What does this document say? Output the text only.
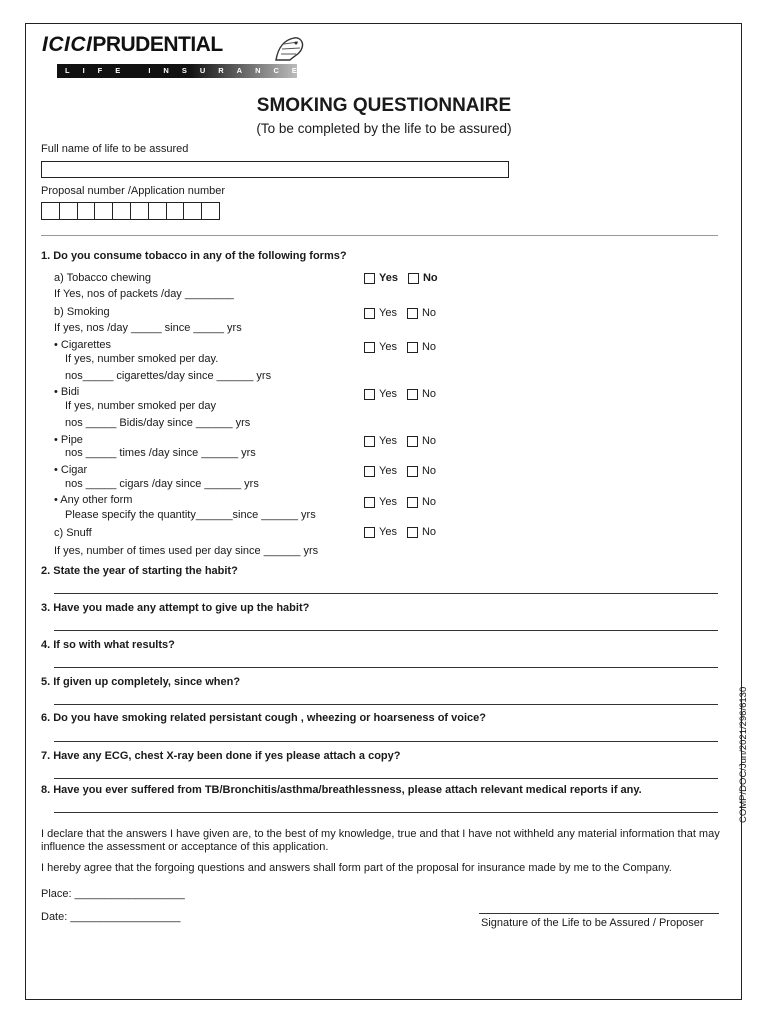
ICICIPRUDENTIAL
LIFE INSURANCE
SMOKING QUESTIONNAIRE
(To be completed by the life to be assured)
Full name of life to be assured
Proposal number /Application number
1. Do you consume tobacco in any of the following forms?
a) Tobacco chewing
If Yes, nos of packets /day ________
Yes No
b) Smoking
If yes, nos /day _____ since _____ yrs
Yes No
• Cigarettes
If yes, number smoked per day.
nos_____ cigarettes/day since ______ yrs
Yes No
• Bidi
If yes, number smoked per day
nos _____ Bidis/day since ______ yrs
Yes No
• Pipe
nos _____ times /day since ______ yrs
Yes No
• Cigar
nos _____ cigars /day since ______ yrs
Yes No
• Any other form
Please specify the quantity______since ______ yrs
Yes No
c) Snuff
If yes, number of times used per day since ______ yrs
Yes No
2. State the year of starting the habit?
3. Have you made any attempt to give up the habit?
4. If so with what results?
5. If given up completely, since when?
6. Do you have smoking related persistant cough , wheezing or hoarseness of voice?
7. Have any ECG, chest X-ray been done if yes please attach a copy?
8. Have you ever suffered from TB/Bronchitis/asthma/breathlessness, please attach relevant medical reports if any.
I declare that the answers I have given are, to the best of my knowledge, true and that I have not withheld any material information that may influence the assessment or acceptance of this application.
I hereby agree that the forgoing questions and answers shall form part of the proposal for insurance made by me to the Company.
Place: __________________
Date: __________________	Signature of the Life to be Assured / Proposer
COMP/DOC/Jun/2021/296/6130
